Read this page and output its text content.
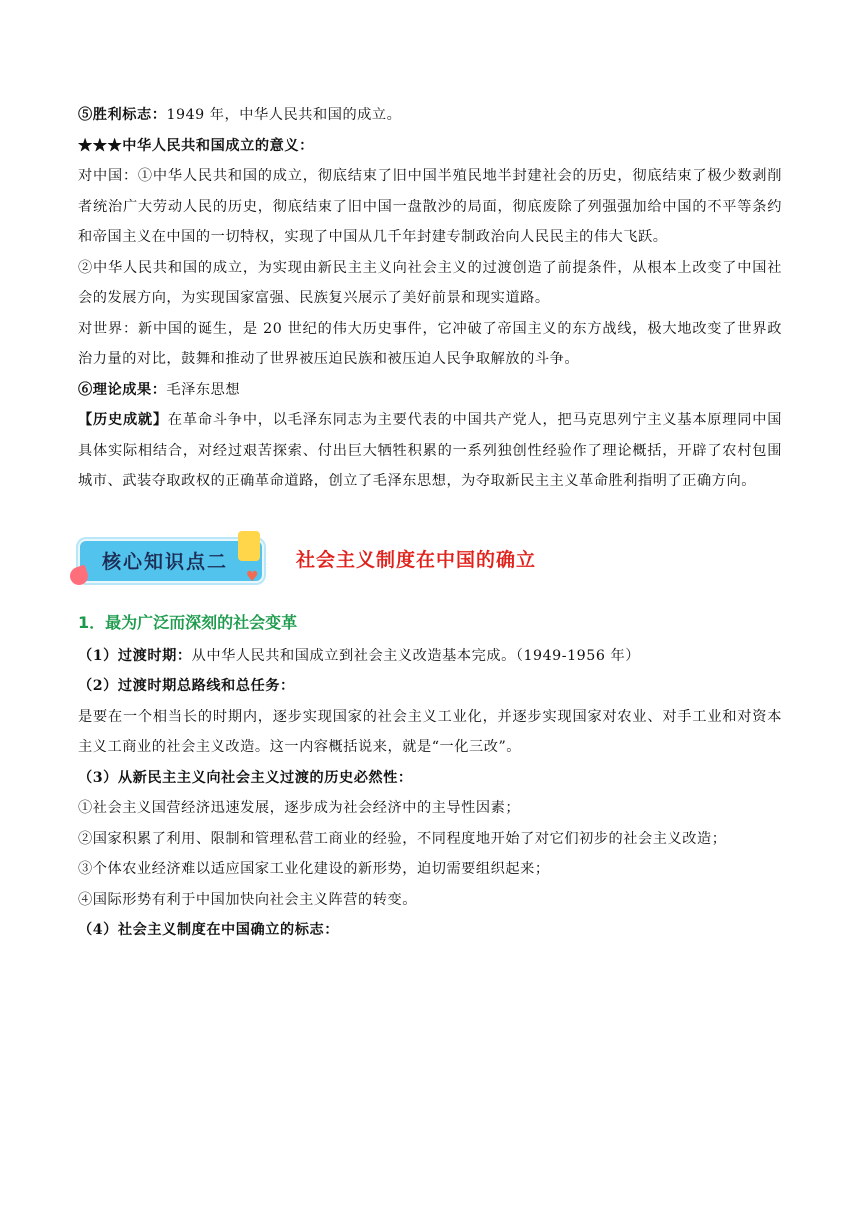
⑤胜利标志：1949 年，中华人民共和国的成立。

★★★中华人民共和国成立的意义：

对中国：①中华人民共和国的成立，彻底结束了旧中国半殖民地半封建社会的历史，彻底结束了极少数剥削者统治广大劳动人民的历史，彻底结束了旧中国一盘散沙的局面，彻底废除了列强强加给中国的不平等条约和帝国主义在中国的一切特权，实现了中国从几千年封建专制政治向人民民主的伟大飞跃。

②中华人民共和国的成立，为实现由新民主主义向社会主义的过渡创造了前提条件，从根本上改变了中国社会的发展方向，为实现国家富强、民族复兴展示了美好前景和现实道路。

对世界：新中国的诞生，是 20 世纪的伟大历史事件，它冲破了帝国主义的东方战线，极大地改变了世界政治力量的对比，鼓舞和推动了世界被压迫民族和被压迫人民争取解放的斗争。

⑥理论成果：毛泽东思想

【历史成就】在革命斗争中，以毛泽东同志为主要代表的中国共产党人，把马克思列宁主义基本原理同中国具体实际相结合，对经过艰苦探索、付出巨大牺牲积累的一系列独创性经验作了理论概括，开辟了农村包围城市、武装夺取政权的正确革命道路，创立了毛泽东思想，为夺取新民主主义革命胜利指明了正确方向。

核心知识点二
♥
社会主义制度在中国的确立
1．最为广泛而深刻的社会变革

（1）过渡时期：从中华人民共和国成立到社会主义改造基本完成。（1949-1956 年）

（2）过渡时期总路线和总任务：

是要在一个相当长的时期内，逐步实现国家的社会主义工业化，并逐步实现国家对农业、对手工业和对资本主义工商业的社会主义改造。这一内容概括说来，就是“一化三改”。

（3）从新民主主义向社会主义过渡的历史必然性：

①社会主义国营经济迅速发展，逐步成为社会经济中的主导性因素；

②国家积累了利用、限制和管理私营工商业的经验，不同程度地开始了对它们初步的社会主义改造；

③个体农业经济难以适应国家工业化建设的新形势，迫切需要组织起来；

④国际形势有利于中国加快向社会主义阵营的转变。

（4）社会主义制度在中国确立的标志：
